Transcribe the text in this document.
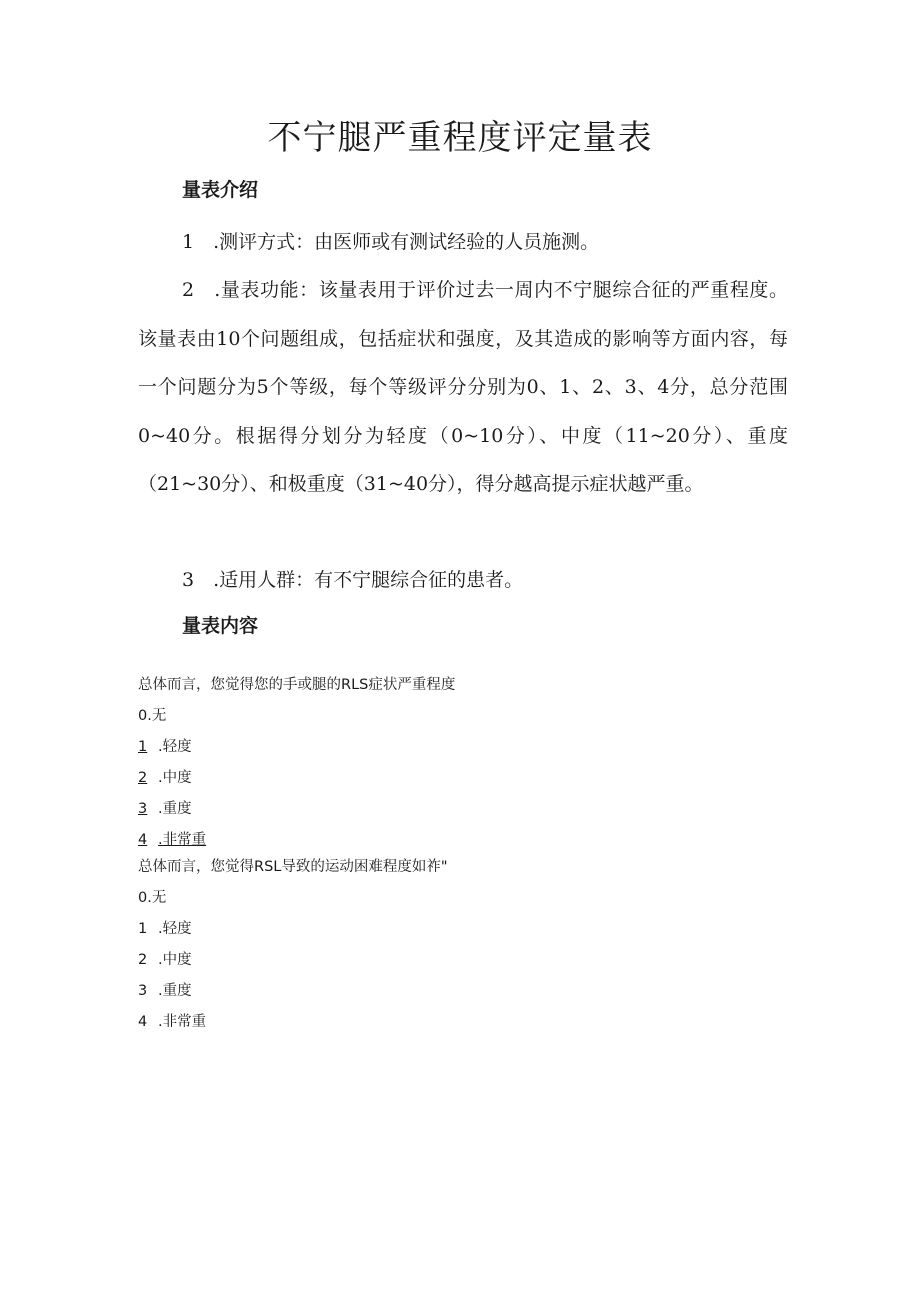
不宁腿严重程度评定量表
量表介绍
1　.测评方式：由医师或有测试经验的人员施测。
2　.量表功能：该量表用于评价过去一周内不宁腿综合征的严重程度。该量表由10个问题组成，包括症状和强度，及其造成的影响等方面内容，每一个问题分为5个等级，每个等级评分分别为0、1、2、3、4分，总分范围0~40分。根据得分划分为轻度（0~10分）、中度（11~20分）、重度（21~30分）、和极重度（31~40分），得分越高提示症状越严重。
3　.适用人群：有不宁腿综合征的患者。
量表内容
总体而言，您觉得您的手或腿的RLS症状严重程度
0.无
1 .轻度
2 .中度
3 .重度
4 .非常重
总体而言，您觉得RSL导致的运动困难程度如祚"
0.无
1 .轻度
2 .中度
3 .重度
4 .非常重
